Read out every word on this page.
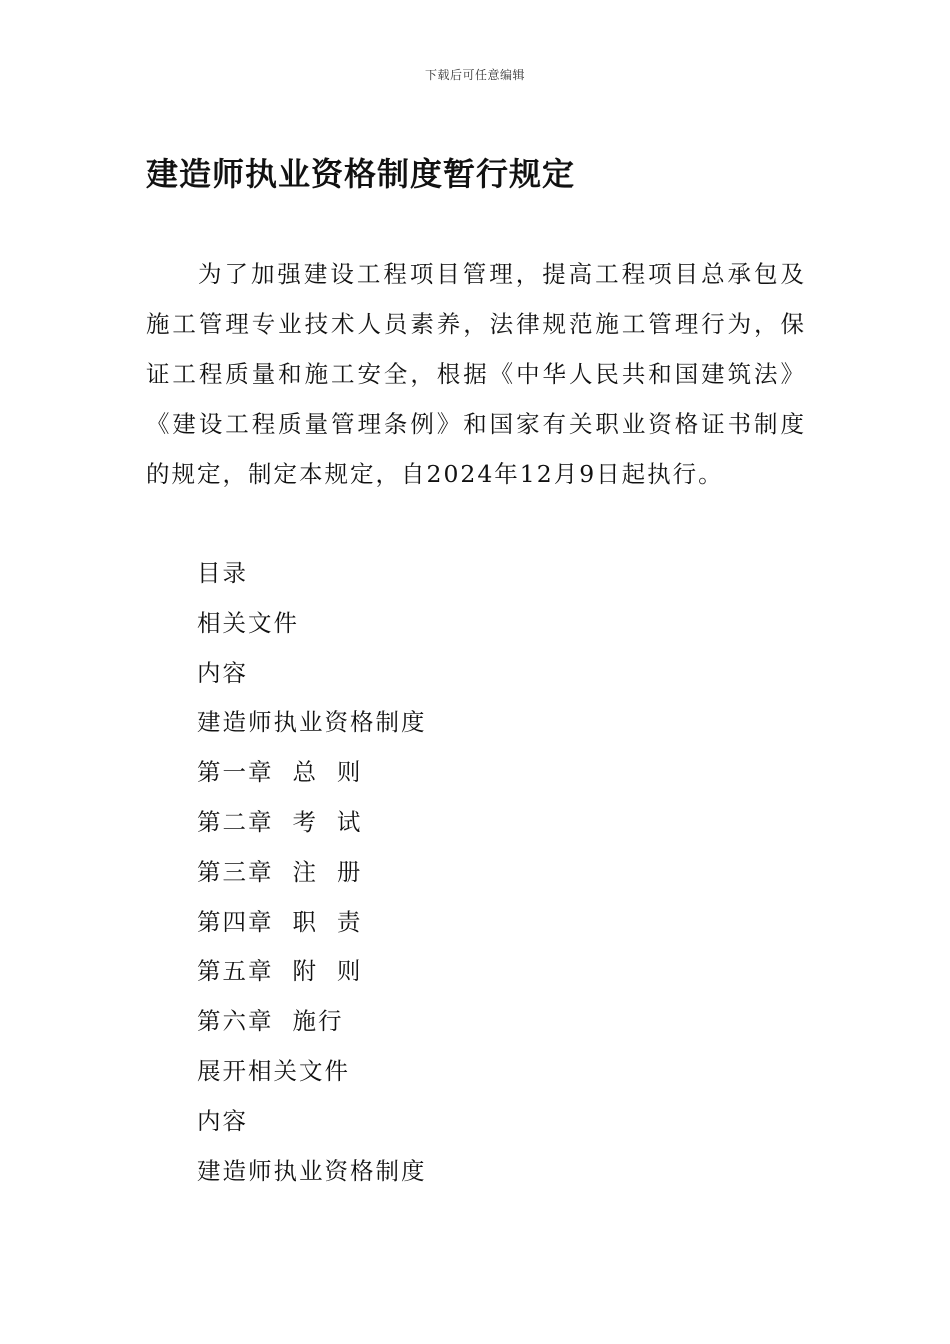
下载后可任意编辑
建造师执业资格制度暂行规定

为了加强建设工程项目管理，提高工程项目总承包及施工管理专业技术人员素养，法律规范施工管理行为，保证工程质量和施工安全，根据《中华人民共和国建筑法》《建设工程质量管理条例》和国家有关职业资格证书制度的规定，制定本规定，自2024年12月9日起执行。

目录
相关文件
内容
建造师执业资格制度
第一章  总  则
第二章  考  试
第三章  注  册
第四章  职  责
第五章  附  则
第六章  施行
展开相关文件
内容
建造师执业资格制度
